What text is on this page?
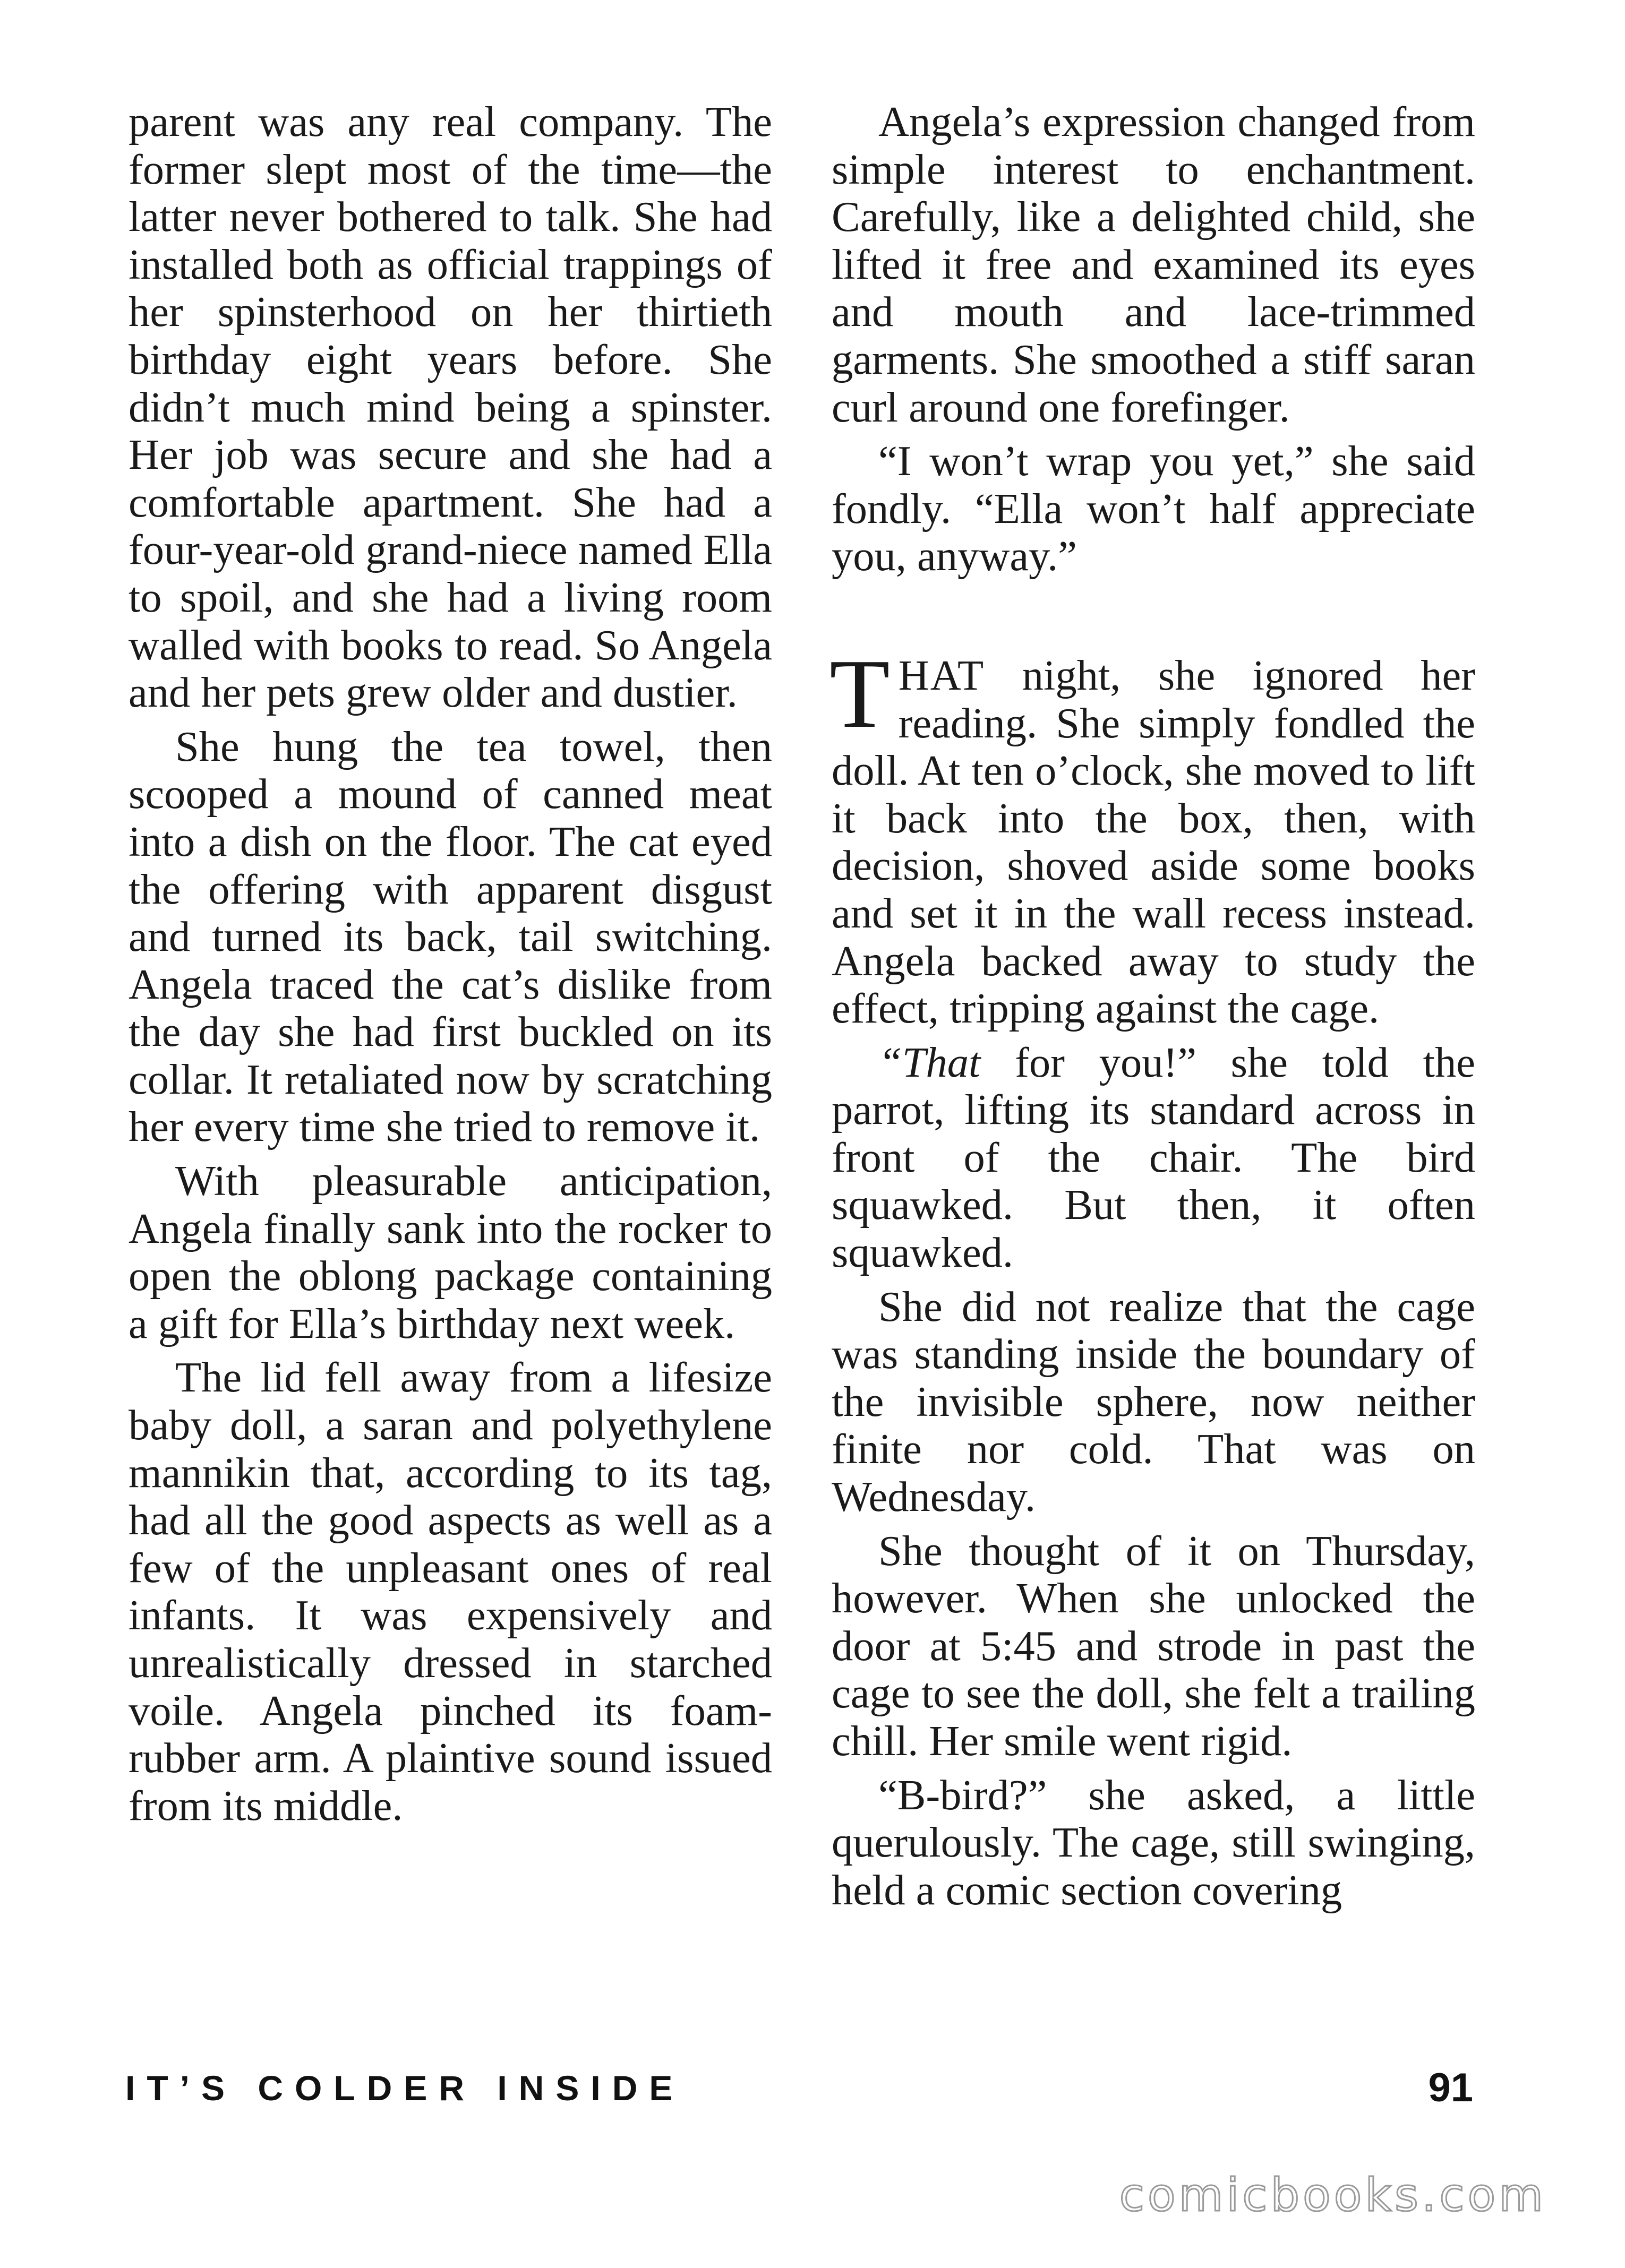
parent was any real company. The former slept most of the time—the latter never bothered to talk. She had installed both as official trappings of her spinsterhood on her thirtieth birthday eight years before. She didn’t much mind being a spinster. Her job was secure and she had a comfortable apartment. She had a four-year-old grand-niece named Ella to spoil, and she had a living room walled with books to read. So Angela and her pets grew older and dustier.

She hung the tea towel, then scooped a mound of canned meat into a dish on the floor. The cat eyed the offering with apparent disgust and turned its back, tail switching. Angela traced the cat’s dislike from the day she had first buckled on its collar. It retaliated now by scratching her every time she tried to remove it.

With pleasurable anticipation, Angela finally sank into the rocker to open the oblong package containing a gift for Ella’s birthday next week.

The lid fell away from a lifesize baby doll, a saran and polyethylene mannikin that, according to its tag, had all the good aspects as well as a few of the unpleasant ones of real infants. It was expensively and unrealistically dressed in starched voile. Angela pinched its foam-rubber arm. A plaintive sound issued from its middle.

Angela’s expression changed from simple interest to enchantment. Carefully, like a delighted child, she lifted it free and examined its eyes and mouth and lace-trimmed garments. She smoothed a stiff saran curl around one forefinger.

“I won’t wrap you yet,” she said fondly. “Ella won’t half appreciate you, anyway.”

THAT night, she ignored her reading. She simply fondled the doll. At ten o’clock, she moved to lift it back into the box, then, with decision, shoved aside some books and set it in the wall recess instead. Angela backed away to study the effect, tripping against the cage.

“That for you!” she told the parrot, lifting its standard across in front of the chair. The bird squawked. But then, it often squawked.

She did not realize that the cage was standing inside the boundary of the invisible sphere, now neither finite nor cold. That was on Wednesday.

She thought of it on Thursday, however. When she unlocked the door at 5:45 and strode in past the cage to see the doll, she felt a trailing chill. Her smile went rigid.

“B-bird?” she asked, a little querulously. The cage, still swinging, held a comic section covering

IT’S COLDER INSIDE	91
comicbooks.com
